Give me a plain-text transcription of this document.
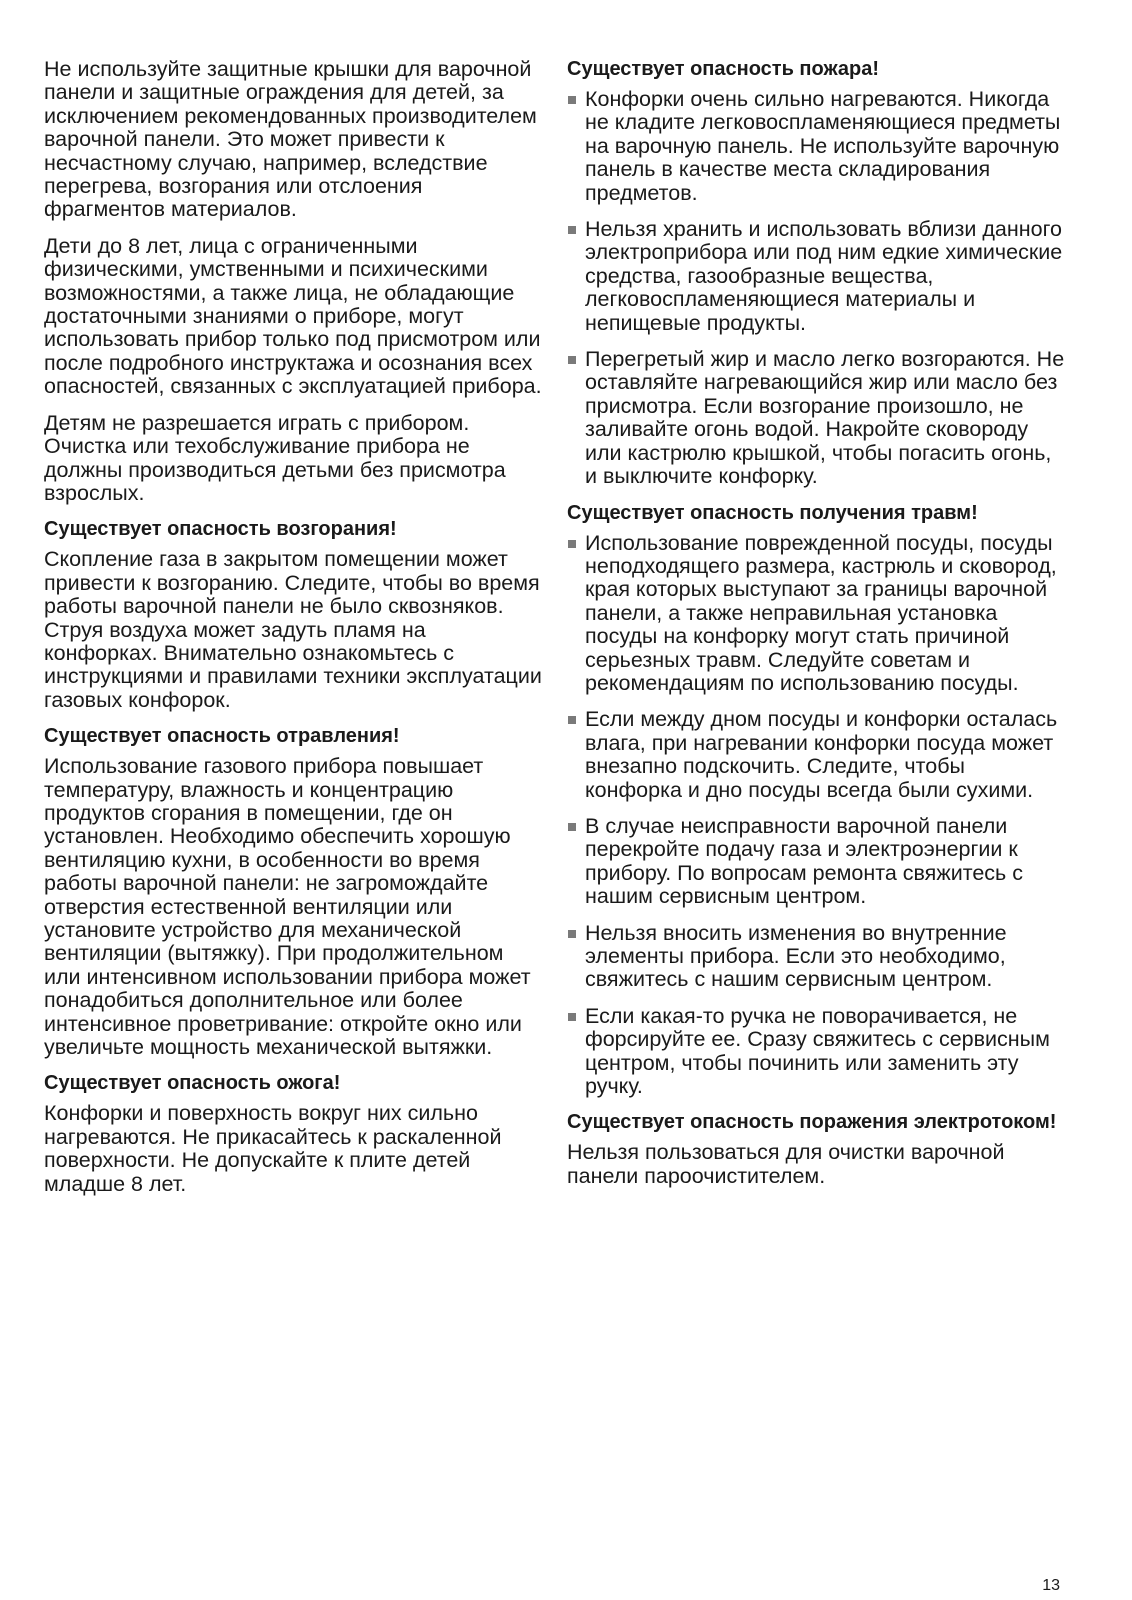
Не используйте защитные крышки для варочной панели и защитные ограждения для детей, за исключением рекомендованных производителем варочной панели. Это может привести к несчастному случаю, например, вследствие перегрева, возгорания или отслоения фрагментов материалов.

Дети до 8 лет, лица с ограниченными физическими, умственными и психическими возможностями, а также лица, не обладающие достаточными знаниями о приборе, могут использовать прибор только под присмотром или после подробного инструктажа и осознания всех опасностей, связанных с эксплуатацией прибора.

Детям не разрешается играть с прибором. Очистка или техобслуживание прибора не должны производиться детьми без присмотра взрослых.

Существует опасность возгорания!

Скопление газа в закрытом помещении может привести к возгоранию. Следите, чтобы во время работы варочной панели не было сквозняков. Струя воздуха может задуть пламя на конфорках. Внимательно ознакомьтесь с инструкциями и правилами техники эксплуатации газовых конфорок.

Существует опасность отравления!

Использование газового прибора повышает температуру, влажность и концентрацию продуктов сгорания в помещении, где он установлен. Необходимо обеспечить хорошую вентиляцию кухни, в особенности во время работы варочной панели: не загромождайте отверстия естественной вентиляции или установите устройство для механической вентиляции (вытяжку). При продолжительном или интенсивном использовании прибора может понадобиться дополнительное или более интенсивное проветривание: откройте окно или увеличьте мощность механической вытяжки.

Существует опасность ожога!

Конфорки и поверхность вокруг них сильно нагреваются. Не прикасайтесь к раскаленной поверхности. Не допускайте к плите детей младше 8 лет.

Существует опасность пожара!
Конфорки очень сильно нагреваются. Никогда не кладите легковоспламеняющиеся предметы на варочную панель. Не используйте варочную панель в качестве места складирования предметов.
Нельзя хранить и использовать вблизи данного электроприбора или под ним едкие химические средства, газообразные вещества, легковоспламеняющиеся материалы и непищевые продукты.
Перегретый жир и масло легко возгораются. Не оставляйте нагревающийся жир или масло без присмотра. Если возгорание произошло, не заливайте огонь водой. Накройте сковороду или кастрюлю крышкой, чтобы погасить огонь, и выключите конфорку.
Существует опасность получения травм!
Использование поврежденной посуды, посуды неподходящего размера, кастрюль и сковород, края которых выступают за границы варочной панели, а также неправильная установка посуды на конфорку могут стать причиной серьезных травм. Следуйте советам и рекомендациям по использованию посуды.
Если между дном посуды и конфорки осталась влага, при нагревании конфорки посуда может внезапно подскочить. Следите, чтобы конфорка и дно посуды всегда были сухими.
В случае неисправности варочной панели перекройте подачу газа и электроэнергии к прибору. По вопросам ремонта свяжитесь с нашим сервисным центром.
Нельзя вносить изменения во внутренние элементы прибора. Если это необходимо, свяжитесь с нашим сервисным центром.
Если какая-то ручка не поворачивается, не форсируйте ее. Сразу свяжитесь с сервисным центром, чтобы починить или заменить эту ручку.
Существует опасность поражения электротоком!

Нельзя пользоваться для очистки варочной панели пароочистителем.

13
